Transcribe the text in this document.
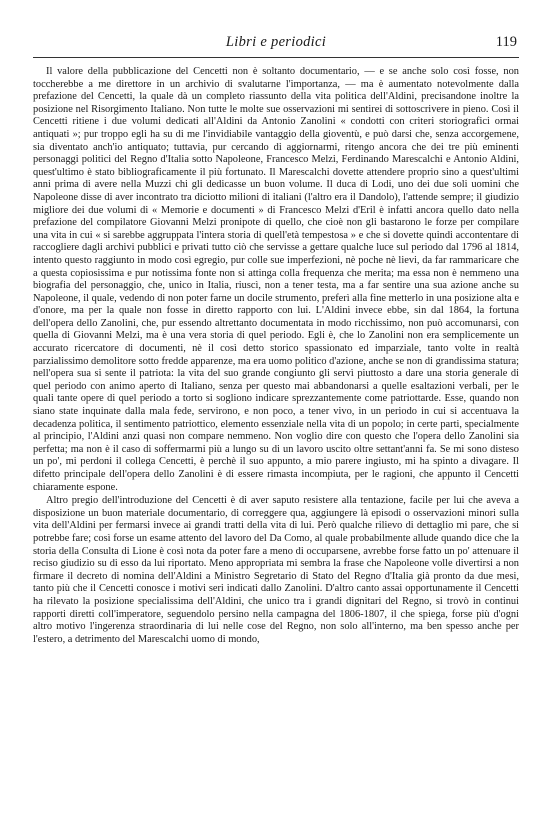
Libri e periodici	119

Il valore della pubblicazione del Cencetti non è soltanto documentario, — e se anche solo così fosse, non toccherebbe a me direttore in un archivio di svalutarne l'importanza, — ma è aumentato notevolmente dalla prefazione del Cencetti, la quale dà un completo riassunto della vita politica dell'Aldini, precisandone inoltre la posizione nel Risorgimento Italiano. Non tutte le molte sue osservazioni mi sentirei di sottoscrivere in pieno. Così il Cencetti ritiene i due volumi dedicati all'Aldini da Antonio Zanolini « condotti con criteri storiografici ormai antiquati »; pur troppo egli ha su di me l'invidiabile vantaggio della gioventù, e può darsi che, senza accorgemene, sia diventato anch'io antiquato; tuttavia, pur cercando di aggiornarmi, ritengo ancora che dei tre più eminenti personaggi politici del Regno d'Italia sotto Napoleone, Francesco Melzi, Ferdinando Marescalchi e Antonio Aldini, quest'ultimo è stato bibliograficamente il più fortunato. Il Marescalchi dovette attendere proprio sino a quest'ultimi anni prima di avere nella Muzzi chi gli dedicasse un buon volume. Il duca di Lodi, uno dei due soli uomini che Napoleone disse di aver incontrato tra diciotto milioni di italiani (l'altro era il Dandolo), l'attende sempre; il giudizio migliore dei due volumi di « Memorie e documenti » di Francesco Melzi d'Eril è infatti ancora quello dato nella prefazione del compilatore Giovanni Melzi pronipote di quello, che cioè non gli bastarono le forze per compilare una vita in cui « si sarebbe aggruppata l'intera storia di quell'età tempestosa » e che si dovette quindi accontentare di raccogliere dagli archivi pubblici e privati tutto ciò che servisse a gettare qualche luce sul periodo dal 1796 al 1814, intento questo raggiunto in modo così egregio, pur colle sue imperfezioni, nè poche nè lievi, da far rammaricare che a questa copiosissima e pur notissima fonte non si attinga colla frequenza che merita; ma essa non è nemmeno una biografia del personaggio, che, unico in Italia, riuscì, non a tener testa, ma a far sentire una sua azione anche su Napoleone, il quale, vedendo di non poter farne un docile strumento, preferì alla fine metterlo in una posizione alta e d'onore, ma per la quale non fosse in diretto rapporto con lui. L'Aldini invece ebbe, sin dal 1864, la fortuna dell'opera dello Zanolini, che, pur essendo altrettanto documentata in modo ricchissimo, non può accomunarsi, con quella di Giovanni Melzi, ma è una vera storia di quel periodo. Egli è, che lo Zanolini non era semplicemente un accurato ricercatore di documenti, nè il così detto storico spassionato ed imparziale, tanto volte in realtà parzialissimo demolitore sotto fredde apparenze, ma era uomo politico d'azione, anche se non di grandissima statura; nell'opera sua si sente il patriota: la vita del suo grande congiunto gli servì piuttosto a dare una storia generale di quel periodo con animo aperto di Italiano, senza per questo mai abbandonarsi a quelle esaltazioni verbali, per le quali tante opere di quel periodo a torto si sogliono indicare sprezzantemente come patriottarde. Esse, quando non siano state inquinate dalla mala fede, servirono, e non poco, a tener vivo, in un periodo in cui si accentuava la decadenza politica, il sentimento patriottico, elemento essenziale nella vita di un popolo; in certe parti, specialmente al principio, l'Aldini anzi quasi non compare nemmeno. Non voglio dire con questo che l'opera dello Zanolini sia perfetta; ma non è il caso di soffermarmi più a lungo su di un lavoro uscito oltre settant'anni fa. Se mi sono disteso un po', mi perdoni il collega Cencetti, è perchè il suo appunto, a mio parere ingiusto, mi ha spinto a divagare. Il difetto principale dell'opera dello Zanolini è di essere rimasta incompiuta, per le ragioni, che appunto il Cencetti chiaramente espone.

Altro pregio dell'introduzione del Cencetti è di aver saputo resistere alla tentazione, facile per lui che aveva a disposizione un buon materiale documentario, di correggere qua, aggiungere là episodi o osservazioni minori sulla vita dell'Aldini per fermarsi invece ai grandi tratti della vita di lui. Però qualche rilievo di dettaglio mi pare, che si potrebbe fare; così forse un esame attento del lavoro del Da Como, al quale probabilmente allude quando dice che la storia della Consulta di Lione è così nota da poter fare a meno di occuparsene, avrebbe forse fatto un po' attenuare il reciso giudizio su di esso da lui riportato. Meno appropriata mi sembra la frase che Napoleone volle divertirsi a non firmare il decreto di nomina dell'Aldini a Ministro Segretario di Stato del Regno d'Italia già pronto da due mesi, tanto più che il Cencetti conosce i motivi seri indicati dallo Zanolini. D'altro canto assai opportunamente il Cencetti ha rilevato la posizione specialissima dell'Aldini, che unico tra i grandi dignitari del Regno, si trovò in continui rapporti diretti coll'imperatore, seguendolo persino nella campagna del 1806-1807, il che spiega, forse più d'ogni altro motivo l'ingerenza straordinaria di lui nelle cose del Regno, non solo all'interno, ma ben spesso anche per l'estero, a detrimento del Marescalchi uomo di mondo,
